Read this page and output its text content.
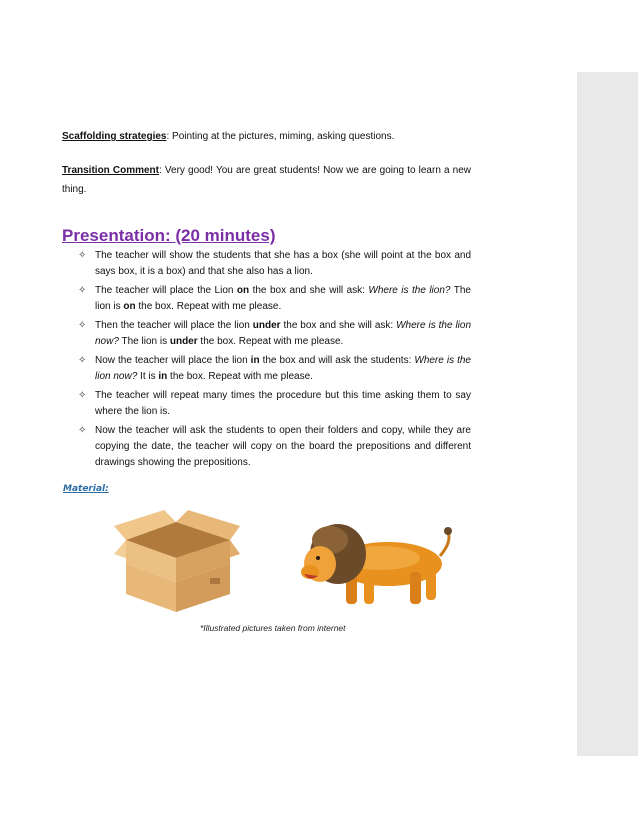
Scaffolding strategies: Pointing at the pictures, miming, asking questions.
Transition Comment: Very good! You are great students! Now we are going to learn a new thing.
Presentation: (20 minutes)
✧ The teacher will show the students that she has a box (she will point at the box and says box, it is a box) and that she also has a lion.
✧ The teacher will place the Lion on the box and she will ask: Where is the lion? The lion is on the box. Repeat with me please.
✧ Then the teacher will place the lion under the box and she will ask: Where is the lion now? The lion is under the box. Repeat with me please.
✧ Now the teacher will place the lion in the box and will ask the students: Where is the lion now? It is in the box. Repeat with me please.
✧ The teacher will repeat many times the procedure but this time asking them to say where the lion is.
✧ Now the teacher will ask the students to open their folders and copy, while they are copying the date, the teacher will copy on the board the prepositions and different drawings showing the prepositions.
Material:
*Illustrated pictures taken from internet
